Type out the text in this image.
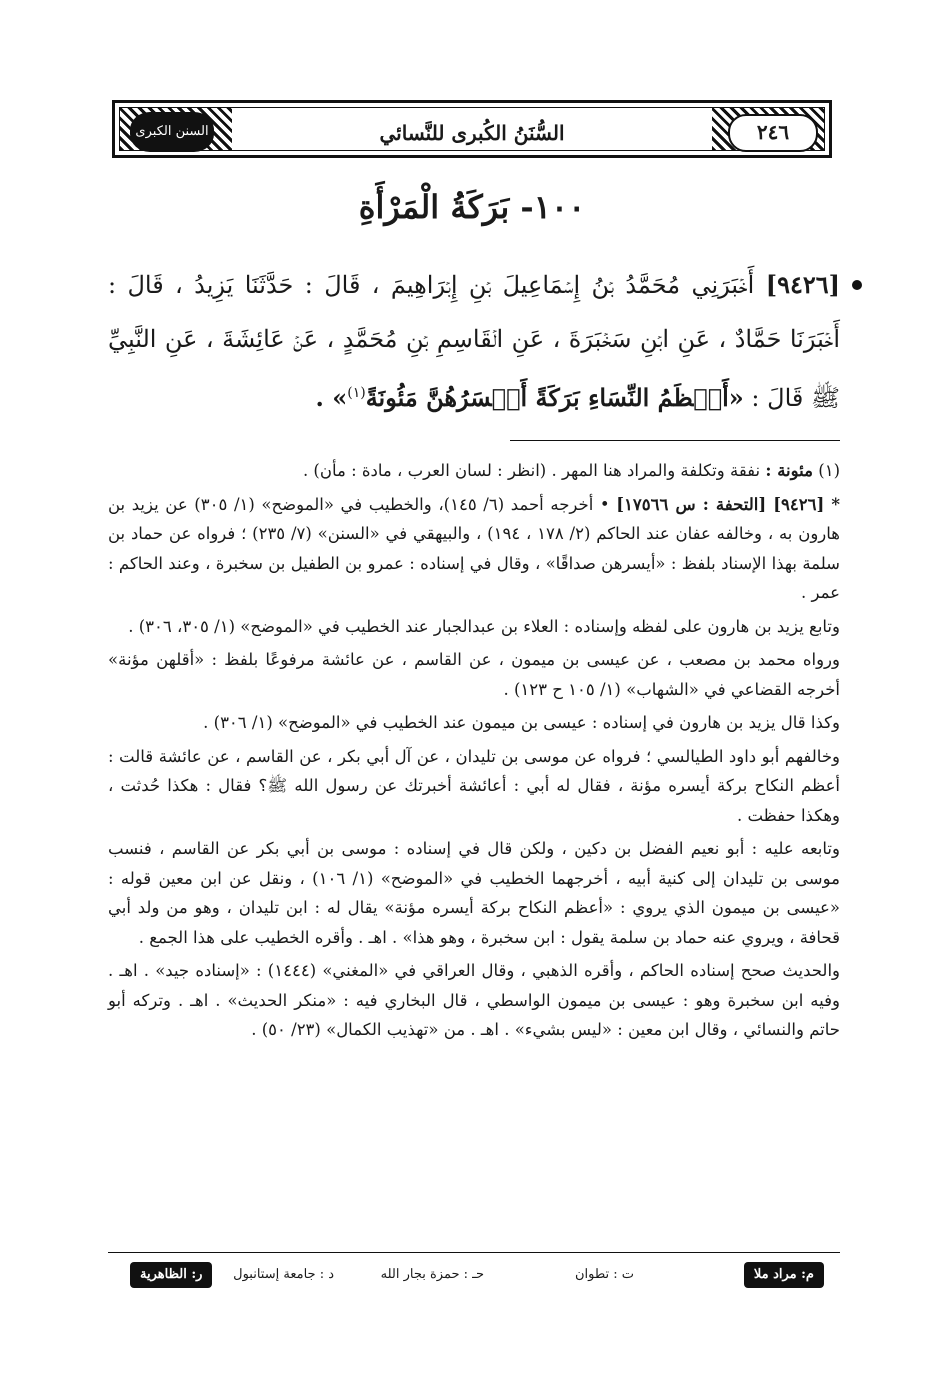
٢٤٦
السُّنَنُ الكُبرى للنَّسائي
السنن الكبرى
١٠٠- بَرَكَةُ الْمَرْأَةِ
[٩٤٢٦] أَخۡبَرَنِي مُحَمَّدُ بۡنُ إِسۡمَاعِيلَ بۡنِ إِبۡرَاهِيمَ ، قَالَ : حَدَّثَنَا يَزِيدُ ، قَالَ : أَخۡبَرَنَا حَمَّادٌ ، عَنِ ابۡنِ سَخۡبَرَةَ ، عَنِ الۡقَاسِمِ بۡنِ مُحَمَّدٍ ، عَنۡ عَائِشَةَ ، عَنِ النَّبِيِّ ﷺ قَالَ : «أَعۡظَمُ النِّسَاءِ بَرَكَةً أَيۡسَرُهُنَّ مَئُونَةً$^{(١)}$» .

(١) مئونة : نفقة وتكلفة والمراد هنا المهر . (انظر : لسان العرب ، مادة : مأن) .

* [٩٤٢٦] [التحفة : س ١٧٥٦٦] • أخرجه أحمد (٦/ ١٤٥)، والخطيب في «الموضح» (١/ ٣٠٥) عن يزيد بن هارون به ، وخالفه عفان عند الحاكم (٢/ ١٧٨ ، ١٩٤) ، والبيهقي في «السنن» (٧/ ٢٣٥) ؛ فرواه عن حماد بن سلمة بهذا الإسناد بلفظ : «أيسرهن صداقًا» ، وقال في إسناده : عمرو بن الطفيل بن سخبرة ، وعند الحاكم : عمر .

وتابع يزيد بن هارون على لفظه وإسناده : العلاء بن عبدالجبار عند الخطيب في «الموضح» (١/ ٣٠٥، ٣٠٦) .

ورواه محمد بن مصعب ، عن عيسى بن ميمون ، عن القاسم ، عن عائشة مرفوعًا بلفظ : «أقلهن مؤنة» أخرجه القضاعي في «الشهاب» (١/ ١٠٥ ح ١٢٣) .

وكذا قال يزيد بن هارون في إسناده : عيسى بن ميمون عند الخطيب في «الموضح» (١/ ٣٠٦) .

وخالفهم أبو داود الطيالسي ؛ فرواه عن موسى بن تليدان ، عن آل أبي بكر ، عن القاسم ، عن عائشة قالت : أعظم النكاح بركة أيسره مؤنة ، فقال له أبي : أعائشة أخبرتك عن رسول الله ﷺ؟ فقال : هكذا حُدثت ، وهكذا حفظت .

وتابعه عليه : أبو نعيم الفضل بن دكين ، ولكن قال في إسناده : موسى بن أبي بكر عن القاسم ، فنسب موسى بن تليدان إلى كنية أبيه ، أخرجهما الخطيب في «الموضح» (١/ ١٠٦) ، ونقل عن ابن معين قوله : «عيسى بن ميمون الذي يروي : «أعظم النكاح بركة أيسره مؤنة» يقال له : ابن تليدان ، وهو من ولد أبي قحافة ، ويروي عنه حماد بن سلمة يقول : ابن سخبرة ، وهو هذا» . اهـ . وأقره الخطيب على هذا الجمع .

والحديث صحح إسناده الحاكم ، وأقره الذهبي ، وقال العراقي في «المغني» (١٤٤٤) : «إسناده جيد» . اهـ . وفيه ابن سخبرة وهو : عيسى بن ميمون الواسطي ، قال البخاري فيه : «منكر الحديث» . اهـ . وتركه أبو حاتم والنسائي ، وقال ابن معين : «ليس بشيء» . اهـ . من «تهذيب الكمال» (٢٣/ ٥٠) .

م: مراد ملا
ت : تطوان
حـ : حمزة بجار الله
د : جامعة إستانبول
ر: الظاهرية
